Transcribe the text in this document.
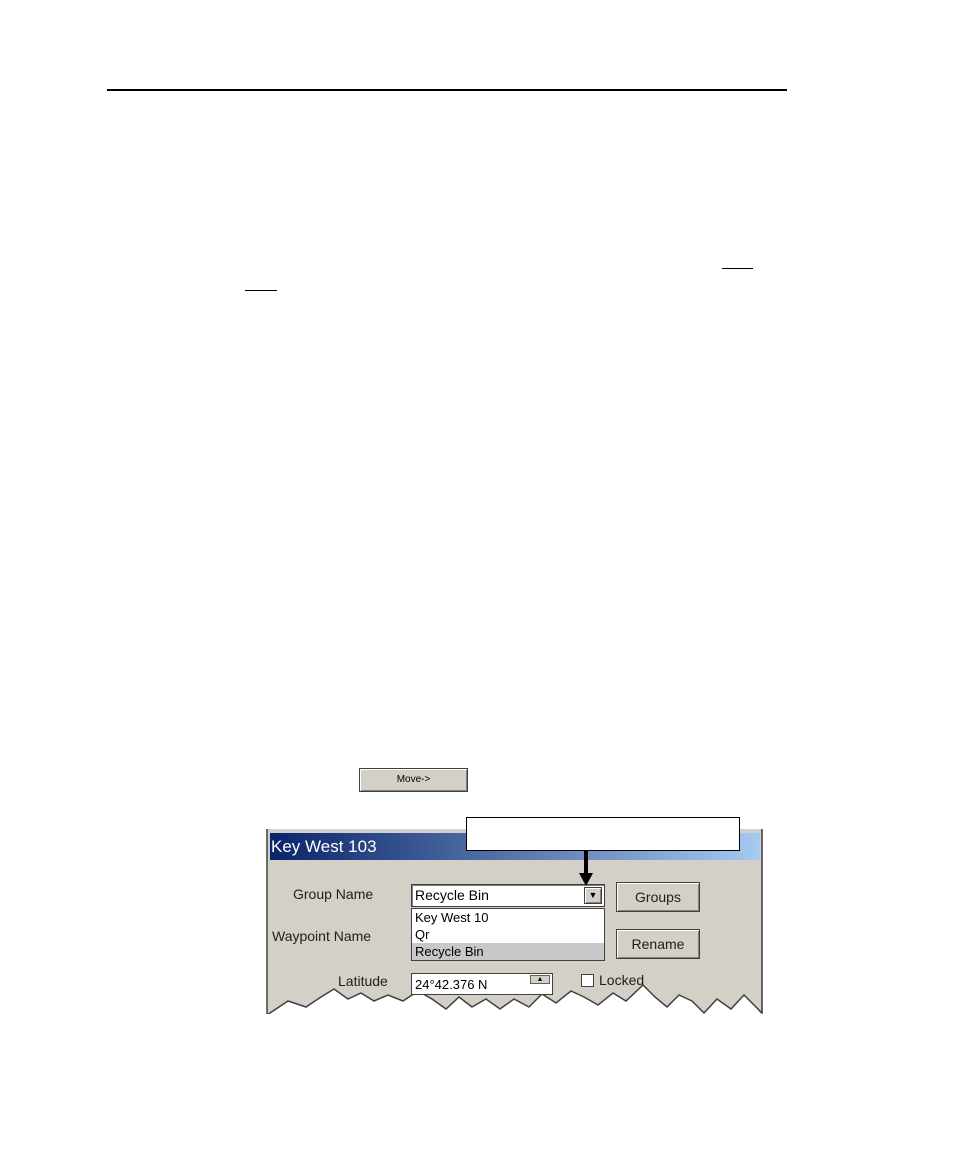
Move->
Key West 103
Group Name	Recycle Bin	▼
Key West 10
Qr
Recycle Bin
Groups
Waypoint Name	Rename
Latitude 24°42.376 N	▲	Locked
